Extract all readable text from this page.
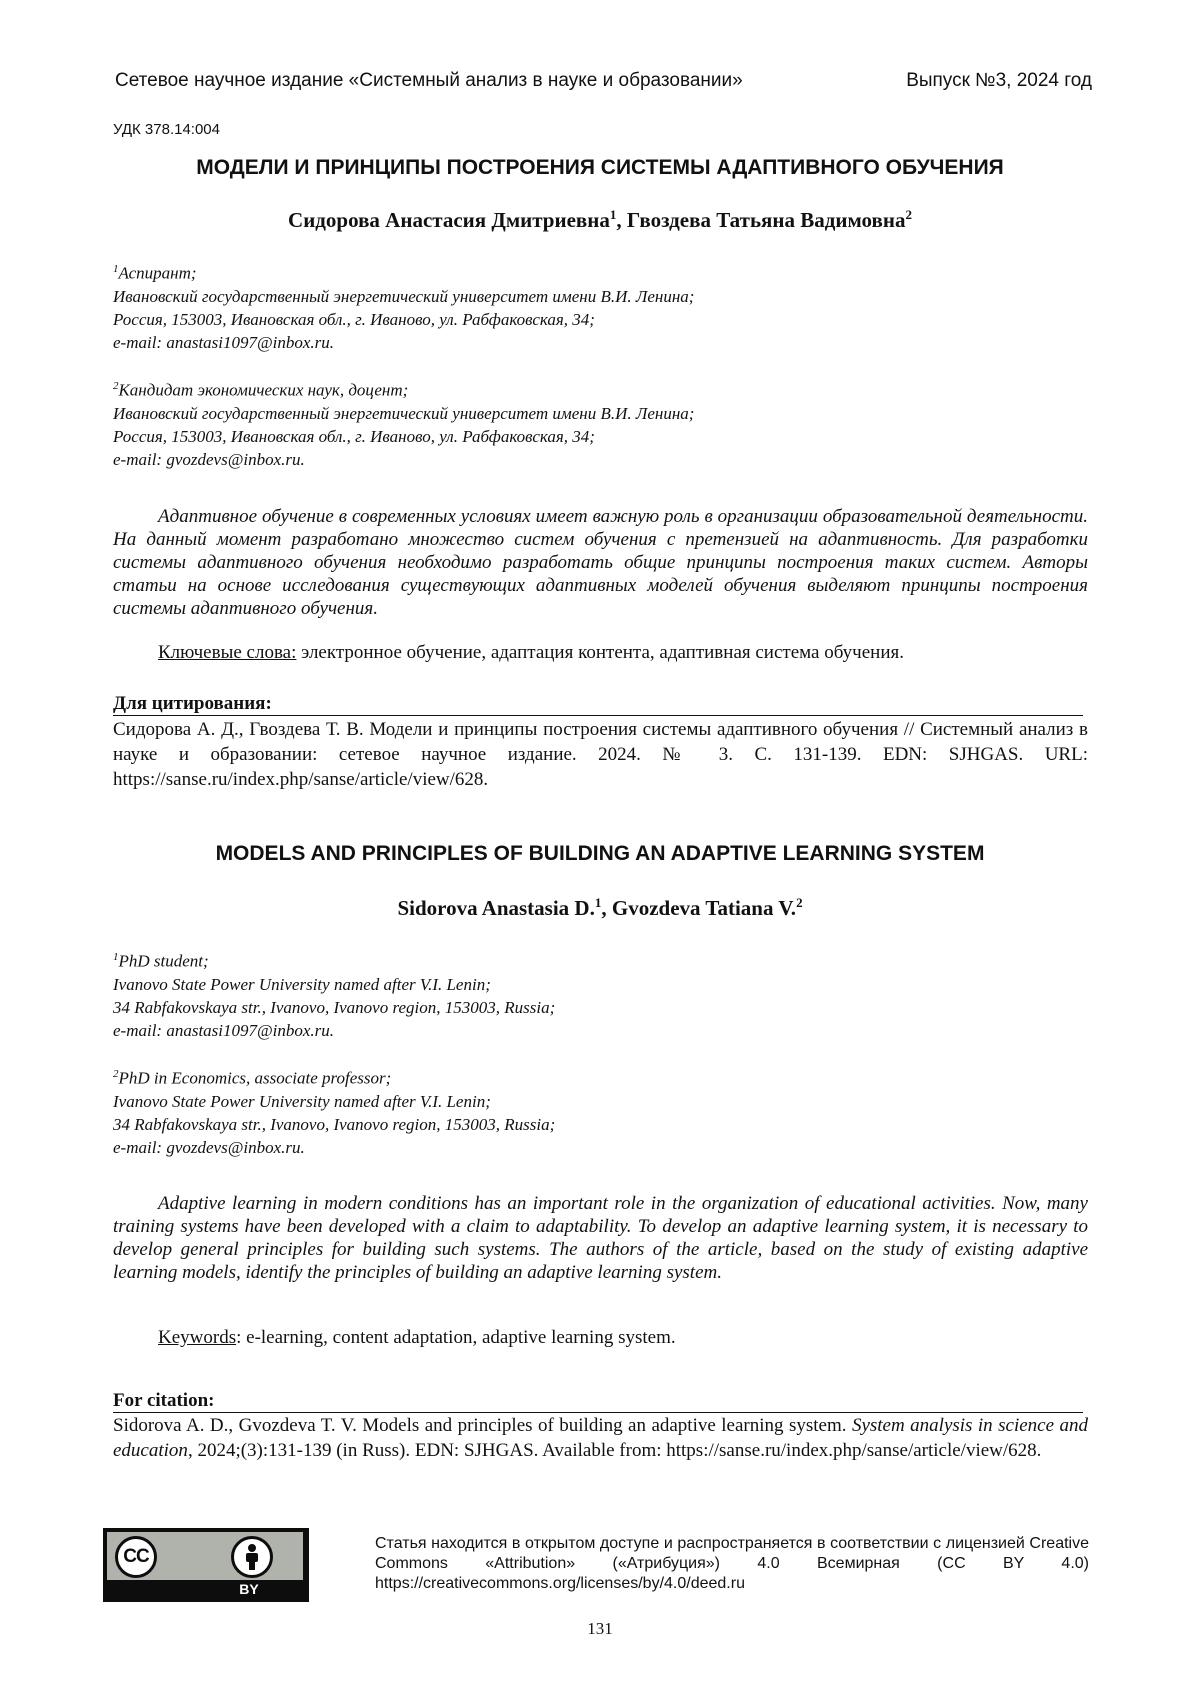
Сетевое научное издание «Системный анализ в науке и образовании»	Выпуск №3, 2024 год
УДК 378.14:004
МОДЕЛИ И ПРИНЦИПЫ ПОСТРОЕНИЯ СИСТЕМЫ АДАПТИВНОГО ОБУЧЕНИЯ
Сидорова Анастасия Дмитриевна$^1$, Гвоздева Татьяна Вадимовна$^2$
$^1$Аспирант;
Ивановский государственный энергетический университет имени В.И. Ленина;
Россия, 153003, Ивановская обл., г. Иваново, ул. Рабфаковская, 34;
e-mail: anastasi1097@inbox.ru.
$^2$Кандидат экономических наук, доцент;
Ивановский государственный энергетический университет имени В.И. Ленина;
Россия, 153003, Ивановская обл., г. Иваново, ул. Рабфаковская, 34;
e-mail: gvozdevs@inbox.ru.

Адаптивное обучение в современных условиях имеет важную роль в организации образовательной деятельности. На данный момент разработано множество систем обучения с претензией на адаптивность. Для разработки системы адаптивного обучения необходимо разработать общие принципы построения таких систем. Авторы статьи на основе исследования существующих адаптивных моделей обучения выделяют принципы построения системы адаптивного обучения.

Ключевые слова: электронное обучение, адаптация контента, адаптивная система обучения.
Для цитирования:

Сидорова А. Д., Гвоздева Т. В. Модели и принципы построения системы адаптивного обучения // Системный анализ в науке и образовании: сетевое научное издание. 2024. № 3. С. 131-139. EDN: SJHGAS. URL: https://sanse.ru/index.php/sanse/article/view/628.

MODELS AND PRINCIPLES OF BUILDING AN ADAPTIVE LEARNING SYSTEM
Sidorova Anastasia D.$^1$, Gvozdeva Tatiana V.$^2$
$^1$PhD student;
Ivanovo State Power University named after V.I. Lenin;
34 Rabfakovskaya str., Ivanovo, Ivanovo region, 153003, Russia;
e-mail: anastasi1097@inbox.ru.
$^2$PhD in Economics, associate professor;
Ivanovo State Power University named after V.I. Lenin;
34 Rabfakovskaya str., Ivanovo, Ivanovo region, 153003, Russia;
e-mail: gvozdevs@inbox.ru.

Adaptive learning in modern conditions has an important role in the organization of educational activities. Now, many training systems have been developed with a claim to adaptability. To develop an adaptive learning system, it is necessary to develop general principles for building such systems. The authors of the article, based on the study of existing adaptive learning models, identify the principles of building an adaptive learning system.

Keywords: e-learning, content adaptation, adaptive learning system.
For citation:

Sidorova A. D., Gvozdeva T. V. Models and principles of building an adaptive learning system. System analysis in science and education, 2024;(3):131-139 (in Russ). EDN: SJHGAS. Available from: https://sanse.ru/index.php/sanse/article/view/628.

CC
BY

Статья находится в открытом доступе и распространяется в соответствии с лицензией Creative Commons «Attribution» («Атрибуция») 4.0 Всемирная (CC BY 4.0) https://creativecommons.org/licenses/by/4.0/deed.ru

131
